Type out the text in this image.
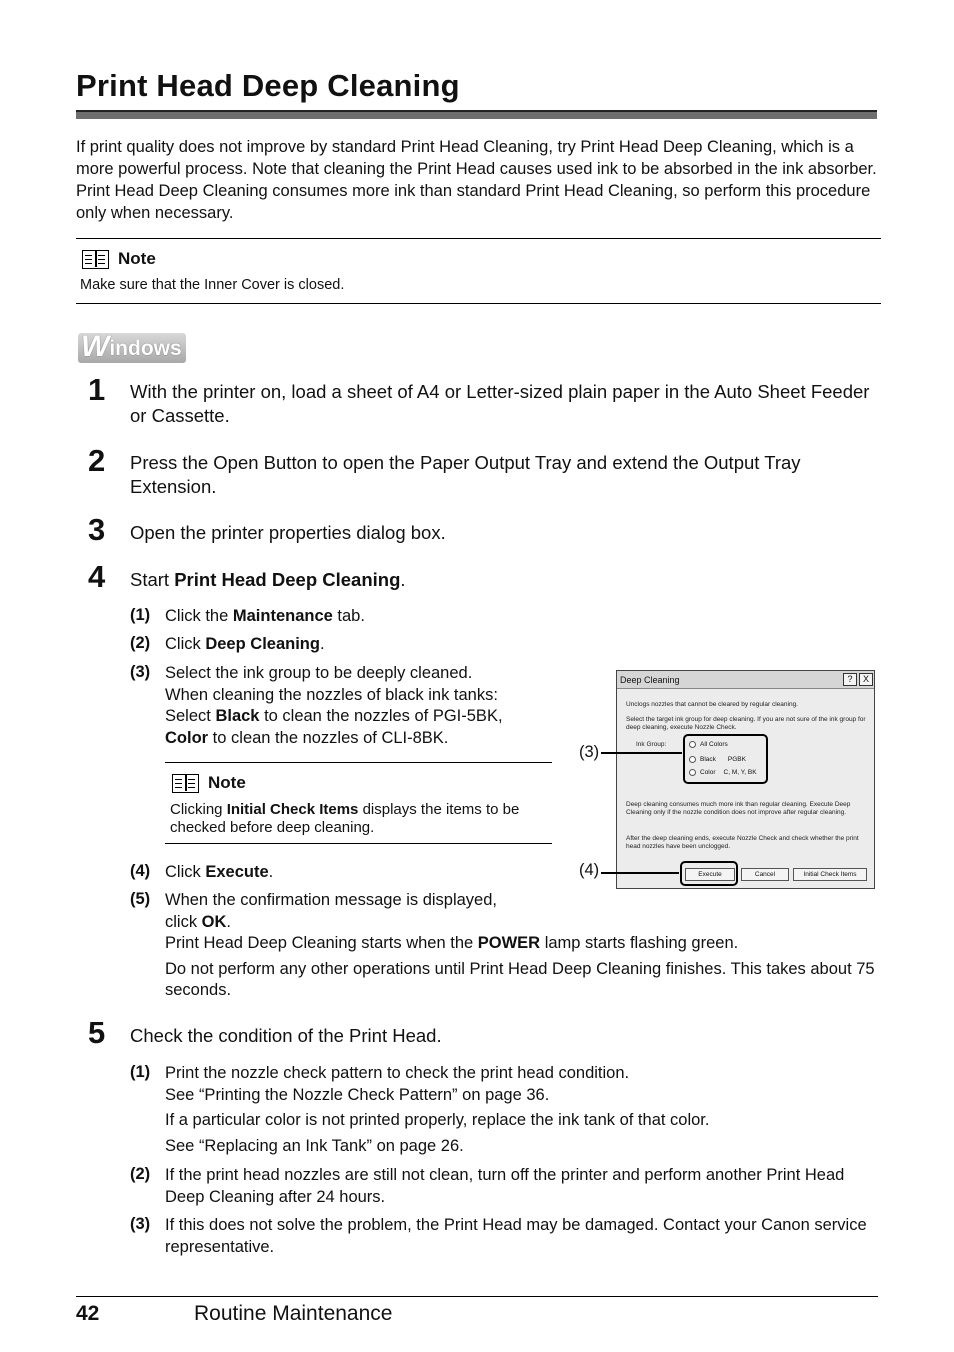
Print Head Deep Cleaning
If print quality does not improve by standard Print Head Cleaning, try Print Head Deep Cleaning, which is a more powerful process. Note that cleaning the Print Head causes used ink to be absorbed in the ink absorber. Print Head Deep Cleaning consumes more ink than standard Print Head Cleaning, so perform this procedure only when necessary.
Note
Make sure that the Inner Cover is closed.
W indows
1 With the printer on, load a sheet of A4 or Letter-sized plain paper in the Auto Sheet Feeder or Cassette.
2 Press the Open Button to open the Paper Output Tray and extend the Output Tray Extension.
3 Open the printer properties dialog box.
4 Start Print Head Deep Cleaning.
(1) Click the Maintenance tab.
(2) Click Deep Cleaning.
(3) Select the ink group to be deeply cleaned.
When cleaning the nozzles of black ink tanks:
Select Black to clean the nozzles of PGI-5BK,
Color to clean the nozzles of CLI-8BK.
Note
Clicking Initial Check Items displays the items to be checked before deep cleaning.
(4) Click Execute.
(5) When the confirmation message is displayed,
click OK.
Print Head Deep Cleaning starts when the POWER lamp starts flashing green.
Do not perform any other operations until Print Head Deep Cleaning finishes. This takes about 75 seconds.
Deep Cleaning	?	X
Unclogs nozzles that cannot be cleared by regular cleaning.
Select the target ink group for deep cleaning. If you are not sure of the ink group for deep cleaning, execute Nozzle Check.
Ink Group:	All Colors
Black PGBK
Color C, M, Y, BK
Deep cleaning consumes much more ink than regular cleaning. Execute Deep Cleaning only if the nozzle condition does not improve after regular cleaning.
After the deep cleaning ends, execute Nozzle Check and check whether the print head nozzles have been unclogged.
Execute	Cancel	Initial Check Items
(3)
(4)
5 Check the condition of the Print Head.
(1) Print the nozzle check pattern to check the print head condition.
See “Printing the Nozzle Check Pattern” on page 36.
If a particular color is not printed properly, replace the ink tank of that color.
See “Replacing an Ink Tank” on page 26.
(2) If the print head nozzles are still not clean, turn off the printer and perform another Print Head Deep Cleaning after 24 hours.
(3) If this does not solve the problem, the Print Head may be damaged. Contact your Canon service representative.
42	Routine Maintenance
